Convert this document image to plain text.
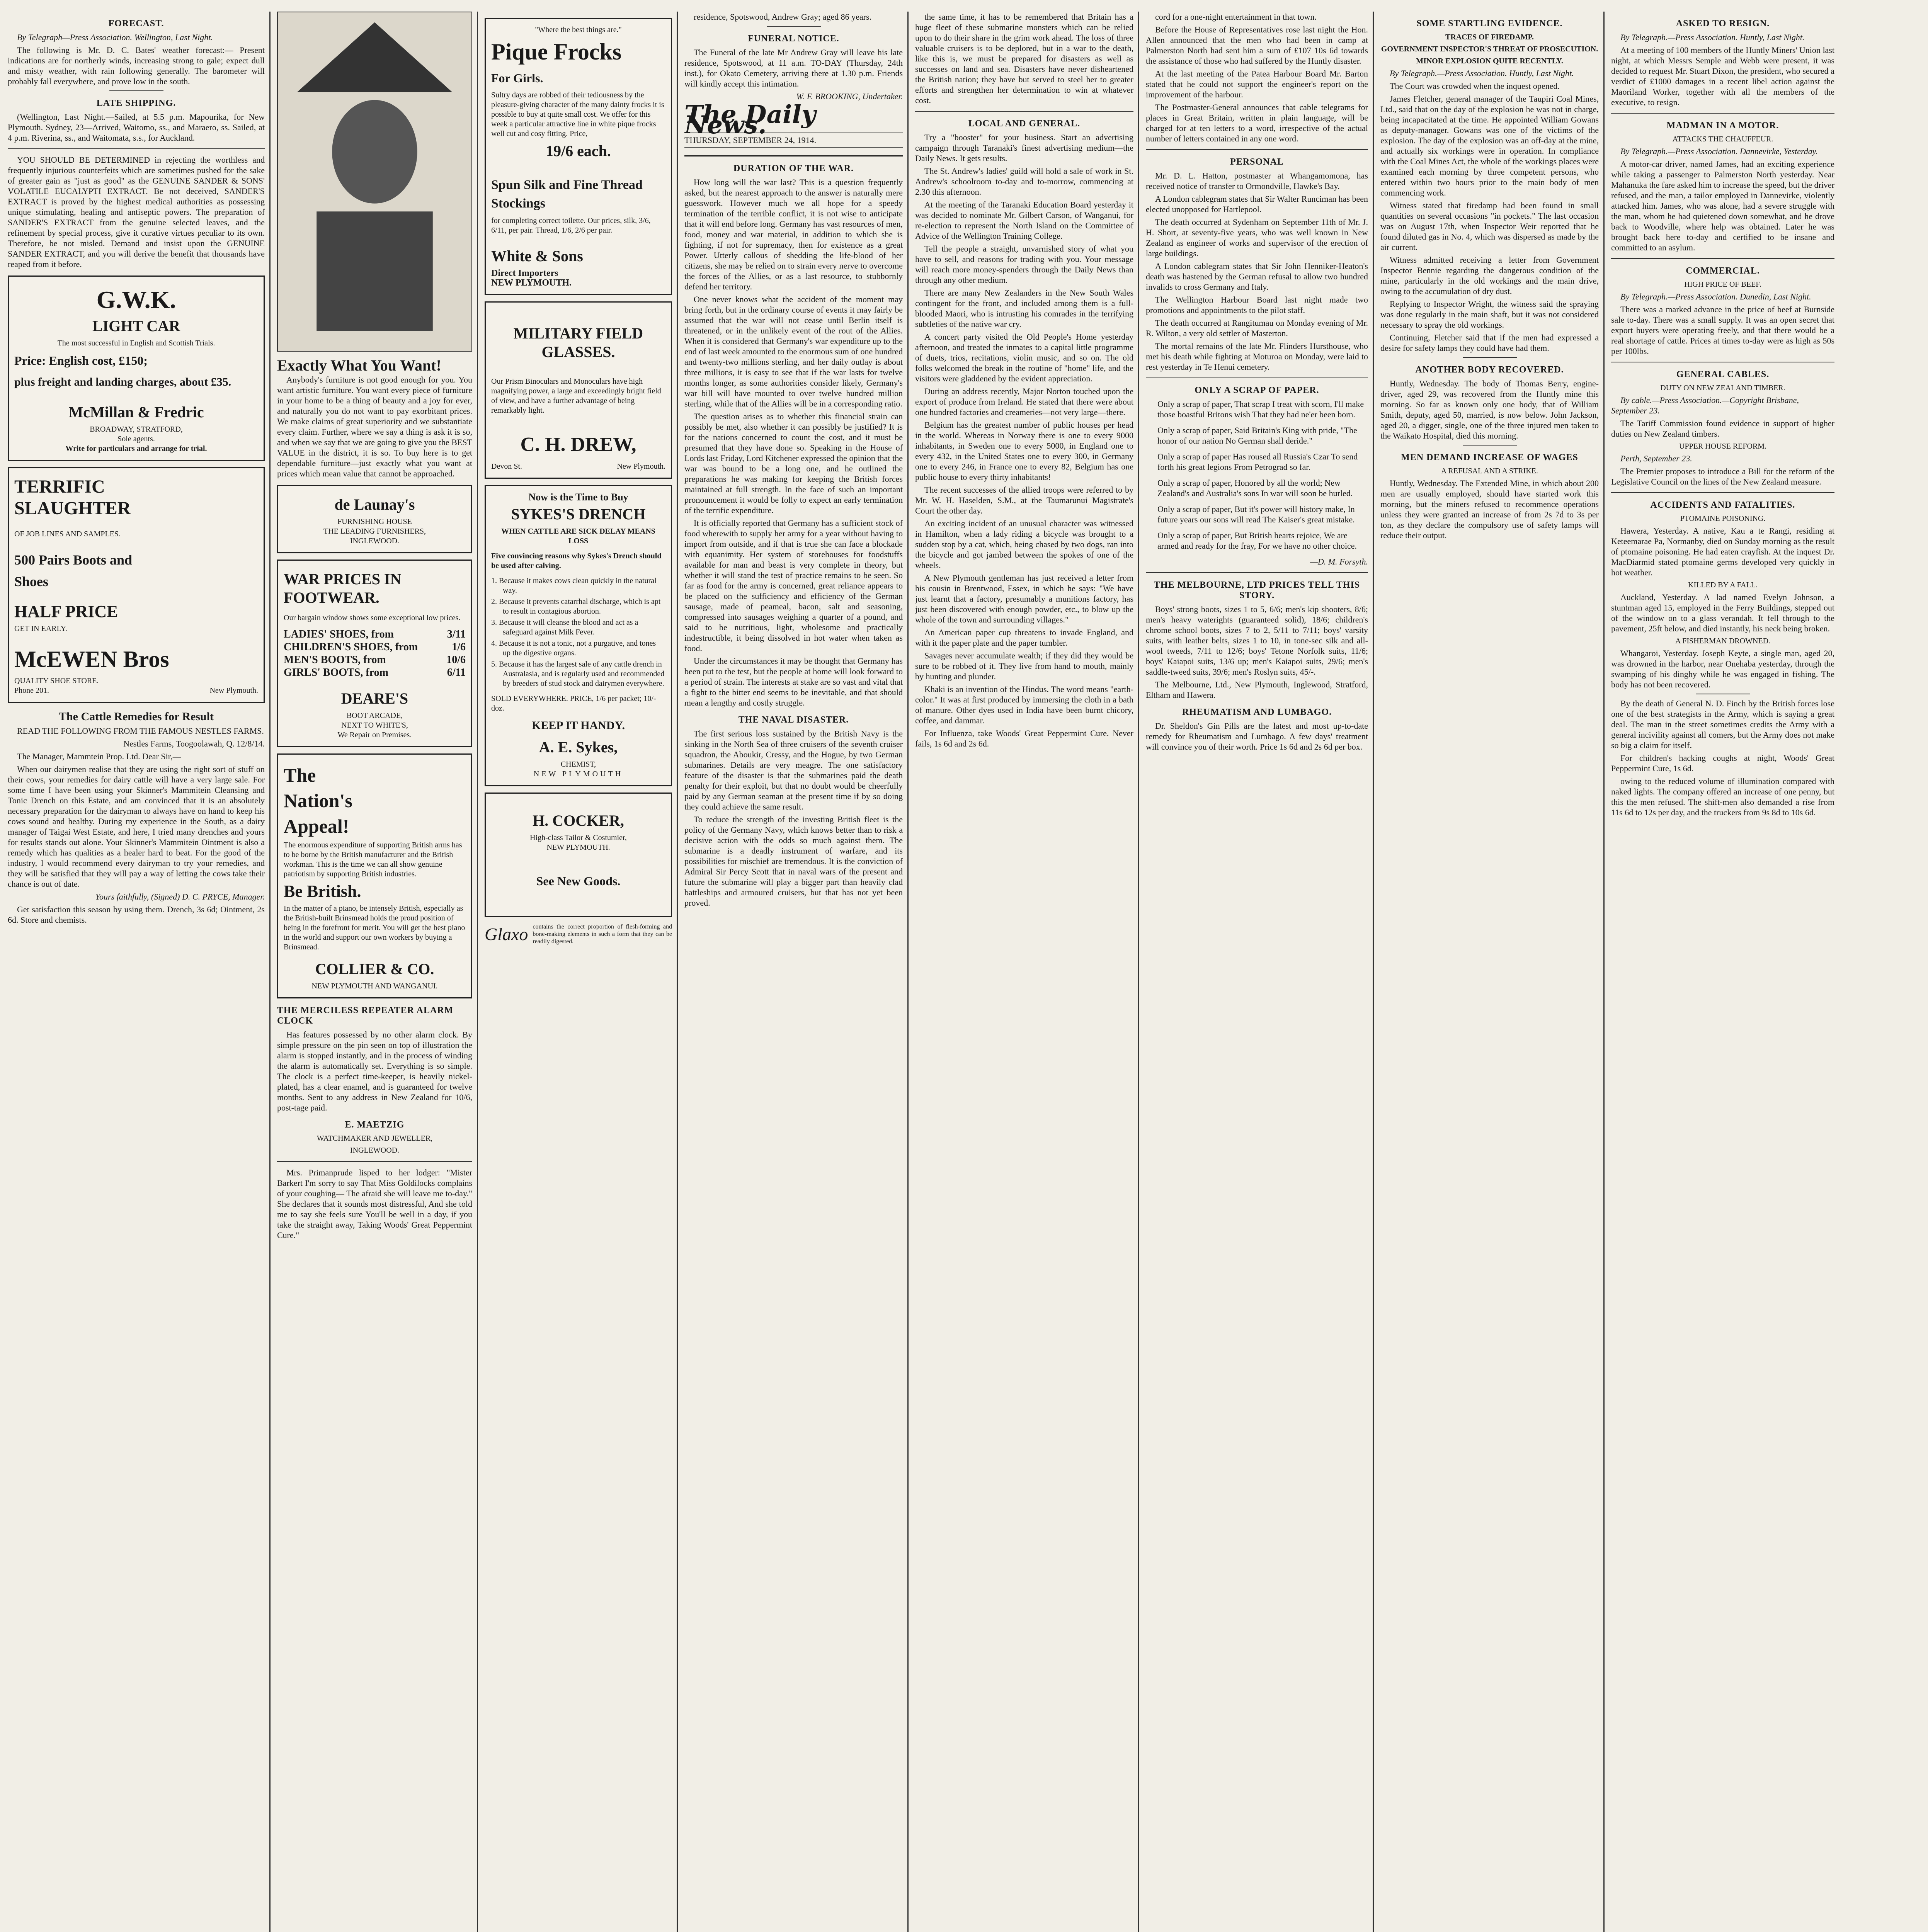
FORECAST.

By Telegraph—Press Association. Wellington, Last Night.

The following is Mr. D. C. Bates' weather forecast:— Present indications are for northerly winds, increasing strong to gale; expect dull and misty weather, with rain following generally. The barometer will probably fall everywhere, and prove low in the south.

LATE SHIPPING.

(Wellington, Last Night.—Sailed, at 5.5 p.m. Mapourika, for New Plymouth. Sydney, 23—Arrived, Waitomo, ss., and Maraero, ss. Sailed, at 4 p.m. Riverina, ss., and Waitomata, s.s., for Auckland.

YOU SHOULD BE DETERMINED in rejecting the worthless and frequently injurious counterfeits which are sometimes pushed for the sake of greater gain as "just as good" as the GENUINE SANDER & SONS' VOLATILE EUCALYPTI EXTRACT. Be not deceived, SANDER'S EXTRACT is proved by the highest medical authorities as possessing unique stimulating, healing and antiseptic powers. The preparation of SANDER'S EXTRACT from the genuine selected leaves, and the refinement by special process, give it curative virtues peculiar to its own. Therefore, be not misled. Demand and insist upon the GENUINE SANDER EXTRACT, and you will derive the benefit that thousands have reaped from it before.

G.W.K.
LIGHT CAR
The most successful in English and Scottish Trials.
Price: English cost, £150;
plus freight and landing charges, about £35.
McMillan & Fredric
BROADWAY, STRATFORD,
Sole agents.
Write for particulars and arrange for trial.
TERRIFIC
SLAUGHTER
OF JOB LINES AND SAMPLES.
500 Pairs Boots and
Shoes
HALF PRICE
GET IN EARLY.
McEWEN Bros
QUALITY SHOE STORE.
Phone 201.	New Plymouth.
The Cattle Remedies for Result

READ THE FOLLOWING FROM THE FAMOUS NESTLES FARMS.

Nestles Farms, Toogoolawah, Q. 12/8/14.

The Manager, Mammtein Prop. Ltd. Dear Sir,—

When our dairymen realise that they are using the right sort of stuff on their cows, your remedies for dairy cattle will have a very large sale. For some time I have been using your Skinner's Mammitein Cleansing and Tonic Drench on this Estate, and am convinced that it is an absolutely necessary preparation for the dairyman to always have on hand to keep his cows sound and healthy. During my experience in the South, as a dairy manager of Taigai West Estate, and here, I tried many drenches and yours for results stands out alone. Your Skinner's Mammitein Ointment is also a remedy which has qualities as a healer hard to beat. For the good of the industry, I would recommend every dairyman to try your remedies, and they will be satisfied that they will pay a way of letting the cows take their chance is out of date.

Yours faithfully, (Signed) D. C. PRYCE, Manager.

Get satisfaction this season by using them. Drench, 3s 6d; Ointment, 2s 6d. Store and chemists.

Exactly What You Want!

Anybody's furniture is not good enough for you. You want artistic furniture. You want every piece of furniture in your home to be a thing of beauty and a joy for ever, and naturally you do not want to pay exorbitant prices. We make claims of great superiority and we substantiate every claim. Further, where we say a thing is ask it is so, and when we say that we are going to give you the BEST VALUE in the district, it is so. To buy here is to get dependable furniture—just exactly what you want at prices which mean value that cannot be approached.

de Launay's
FURNISHING HOUSE
THE LEADING FURNISHERS,
INGLEWOOD.
WAR PRICES IN FOOTWEAR.
Our bargain window shows some exceptional low prices.
LADIES' SHOES, from	3/11
CHILDREN'S SHOES, from	1/6
MEN'S BOOTS, from	10/6
GIRLS' BOOTS, from	6/11
DEARE'S
BOOT ARCADE,
NEXT TO WHITE'S,
We Repair on Premises.
The
Nation's
Appeal!
The enormous expenditure of supporting British arms has to be borne by the British manufacturer and the British workman. This is the time we can all show genuine patriotism by supporting British industries.
Be British.
In the matter of a piano, be intensely British, especially as the British-built Brinsmead holds the proud position of being in the forefront for merit. You will get the best piano in the world and support our own workers by buying a Brinsmead.
COLLIER & CO.
NEW PLYMOUTH AND WANGANUI.
THE MERCILESS REPEATER ALARM CLOCK

Has features possessed by no other alarm clock. By simple pressure on the pin seen on top of illustration the alarm is stopped instantly, and in the process of winding the alarm is automatically set. Everything is so simple. The clock is a perfect time-keeper, is heavily nickel-plated, has a clear enamel, and is guaranteed for twelve months. Sent to any address in New Zealand for 10/6, post-tage paid.

E. MAETZIG
WATCHMAKER AND JEWELLER,
INGLEWOOD.

Mrs. Primanprude lisped to her lodger: "Mister Barkert I'm sorry to say That Miss Goldilocks complains of your coughing— The afraid she will leave me to-day." She declares that it sounds most distressful, And she told me to say she feels sure You'll be well in a day, if you take the straight away, Taking Woods' Great Peppermint Cure."

"Where the best things are."
Pique Frocks
For Girls.
Sultry days are robbed of their tediousness by the pleasure-giving character of the many dainty frocks it is possible to buy at quite small cost. We offer for this week a particular attractive line in white pique frocks well cut and cosy fitting. Price,
19/6 each.
Spun Silk and Fine Thread Stockings
for completing correct toilette. Our prices, silk, 3/6, 6/11, per pair. Thread, 1/6, 2/6 per pair.
White & Sons
Direct Importers
NEW PLYMOUTH.
MILITARY FIELD GLASSES.
Our Prism Binoculars and Monoculars have high magnifying power, a large and exceedingly bright field of view, and have a further advantage of being remarkably light.
C. H. DREW,
Devon St.	New Plymouth.
Now is the Time to Buy
SYKES'S DRENCH
WHEN CATTLE ARE SICK DELAY MEANS LOSS
Five convincing reasons why Sykes's Drench should be used after calving.
1. Because it makes cows clean quickly in the natural way.
2. Because it prevents catarrhal discharge, which is apt to result in contagious abortion.
3. Because it will cleanse the blood and act as a safeguard against Milk Fever.
4. Because it is not a tonic, not a purgative, and tones up the digestive organs.
5. Because it has the largest sale of any cattle drench in Australasia, and is regularly used and recommended by breeders of stud stock and dairymen everywhere.
SOLD EVERYWHERE. PRICE, 1/6 per packet; 10/- doz.
KEEP IT HANDY.
A. E. Sykes,
CHEMIST,
NEW PLYMOUTH
H. COCKER,
High-class Tailor & Costumier,
NEW PLYMOUTH.
See New Goods.
Glaxo contains the correct proportion of flesh-forming and bone-making elements in such a form that they can be readily digested.

residence, Spotswood, Andrew Gray; aged 86 years.

FUNERAL NOTICE.

The Funeral of the late Mr Andrew Gray will leave his late residence, Spotswood, at 11 a.m. TO-DAY (Thursday, 24th inst.), for Okato Cemetery, arriving there at 1.30 p.m. Friends will kindly accept this intimation.

W. F. BROOKING, Undertaker.

The Daily News.
THURSDAY, SEPTEMBER 24, 1914.
DURATION OF THE WAR.

How long will the war last? This is a question frequently asked, but the nearest approach to the answer is naturally mere guesswork. However much we all hope for a speedy termination of the terrible conflict, it is not wise to anticipate that it will end before long. Germany has vast resources of men, food, money and war material, in addition to which she is fighting, if not for supremacy, then for existence as a great Power. Utterly callous of shedding the life-blood of her citizens, she may be relied on to strain every nerve to overcome the forces of the Allies, or as a last resource, to stubbornly defend her territory.

One never knows what the accident of the moment may bring forth, but in the ordinary course of events it may fairly be assumed that the war will not cease until Berlin itself is threatened, or in the unlikely event of the rout of the Allies. When it is considered that Germany's war expenditure up to the end of last week amounted to the enormous sum of one hundred and twenty-two millions sterling, and her daily outlay is about three millions, it is easy to see that if the war lasts for twelve months longer, as some authorities consider likely, Germany's war bill will have mounted to over twelve hundred million sterling, while that of the Allies will be in a corresponding ratio.

The question arises as to whether this financial strain can possibly be met, also whether it can possibly be justified? It is for the nations concerned to count the cost, and it must be presumed that they have done so. Speaking in the House of Lords last Friday, Lord Kitchener expressed the opinion that the war was bound to be a long one, and he outlined the preparations he was making for keeping the British forces maintained at full strength. In the face of such an important pronouncement it would be folly to expect an early termination of the terrific expenditure.

It is officially reported that Germany has a sufficient stock of food wherewith to supply her army for a year without having to import from outside, and if that is true she can face a blockade with equanimity. Her system of storehouses for foodstuffs available for man and beast is very complete in theory, but whether it will stand the test of practice remains to be seen. So far as food for the army is concerned, great reliance appears to be placed on the sufficiency and efficiency of the German sausage, made of peameal, bacon, salt and seasoning, compressed into sausages weighing a quarter of a pound, and said to be nutritious, light, wholesome and practically indestructible, it being dissolved in hot water when taken as food.

Under the circumstances it may be thought that Germany has been put to the test, but the people at home will look forward to a period of strain. The interests at stake are so vast and vital that a fight to the bitter end seems to be inevitable, and that should mean a lengthy and costly struggle.

THE NAVAL DISASTER.

The first serious loss sustained by the British Navy is the sinking in the North Sea of three cruisers of the seventh cruiser squadron, the Aboukir, Cressy, and the Hogue, by two German submarines. Details are very meagre. The one satisfactory feature of the disaster is that the submarines paid the death penalty for their exploit, but that no doubt would be cheerfully paid by any German seaman at the present time if by so doing they could achieve the same result.

To reduce the strength of the investing British fleet is the policy of the Germany Navy, which knows better than to risk a decisive action with the odds so much against them. The submarine is a deadly instrument of warfare, and its possibilities for mischief are tremendous. It is the conviction of Admiral Sir Percy Scott that in naval wars of the present and future the submarine will play a bigger part than heavily clad battleships and armoured cruisers, but that has not yet been proved.

the same time, it has to be remembered that Britain has a huge fleet of these submarine monsters which can be relied upon to do their share in the grim work ahead. The loss of three valuable cruisers is to be deplored, but in a war to the death, like this is, we must be prepared for disasters as well as successes on land and sea. Disasters have never disheartened the British nation; they have but served to steel her to greater efforts and strengthen her determination to win at whatever cost.

LOCAL AND GENERAL.

Try a "booster" for your business. Start an advertising campaign through Taranaki's finest advertising medium—the Daily News. It gets results.

The St. Andrew's ladies' guild will hold a sale of work in St. Andrew's schoolroom to-day and to-morrow, commencing at 2.30 this afternoon.

At the meeting of the Taranaki Education Board yesterday it was decided to nominate Mr. Gilbert Carson, of Wanganui, for re-election to represent the North Island on the Committee of Advice of the Wellington Training College.

Tell the people a straight, unvarnished story of what you have to sell, and reasons for trading with you. Your message will reach more money-spenders through the Daily News than through any other medium.

There are many New Zealanders in the New South Wales contingent for the front, and included among them is a full-blooded Maori, who is intrusting his comrades in the terrifying subtleties of the native war cry.

A concert party visited the Old People's Home yesterday afternoon, and treated the inmates to a capital little programme of duets, trios, recitations, violin music, and so on. The old folks welcomed the break in the routine of "home" life, and the visitors were gladdened by the evident appreciation.

During an address recently, Major Norton touched upon the export of produce from Ireland. He stated that there were about one hundred factories and creameries—not very large—there.

Belgium has the greatest number of public houses per head in the world. Whereas in Norway there is one to every 9000 inhabitants, in Sweden one to every 5000, in England one to every 432, in the United States one to every 300, in Germany one to every 246, in France one to every 82, Belgium has one public house to every thirty inhabitants!

The recent successes of the allied troops were referred to by Mr. W. H. Haselden, S.M., at the Taumarunui Magistrate's Court the other day.

An exciting incident of an unusual character was witnessed in Hamilton, when a lady riding a bicycle was brought to a sudden stop by a cat, which, being chased by two dogs, ran into the bicycle and got jambed between the spokes of one of the wheels.

A New Plymouth gentleman has just received a letter from his cousin in Brentwood, Essex, in which he says: "We have just learnt that a factory, presumably a munitions factory, has just been discovered with enough powder, etc., to blow up the whole of the town and surrounding villages."

An American paper cup threatens to invade England, and with it the paper plate and the paper tumbler.

Savages never accumulate wealth; if they did they would be sure to be robbed of it. They live from hand to mouth, mainly by hunting and plunder.

Khaki is an invention of the Hindus. The word means "earth-color." It was at first produced by immersing the cloth in a bath of manure. Other dyes used in India have been burnt chicory, coffee, and dammar.

For Influenza, take Woods' Great Peppermint Cure. Never fails, 1s 6d and 2s 6d.

cord for a one-night entertainment in that town.

Before the House of Representatives rose last night the Hon. Allen announced that the men who had been in camp at Palmerston North had sent him a sum of £107 10s 6d towards the assistance of those who had suffered by the Huntly disaster.

At the last meeting of the Patea Harbour Board Mr. Barton stated that he could not support the engineer's report on the improvement of the harbour.

The Postmaster-General announces that cable telegrams for places in Great Britain, written in plain language, will be charged for at ten letters to a word, irrespective of the actual number of letters contained in any one word.

PERSONAL

Mr. D. L. Hatton, postmaster at Whangamomona, has received notice of transfer to Ormondville, Hawke's Bay.

A London cablegram states that Sir Walter Runciman has been elected unopposed for Hartlepool.

The death occurred at Sydenham on September 11th of Mr. J. H. Short, at seventy-five years, who was well known in New Zealand as engineer of works and supervisor of the erection of large buildings.

A London cablegram states that Sir John Henniker-Heaton's death was hastened by the German refusal to allow two hundred invalids to cross Germany and Italy.

The Wellington Harbour Board last night made two promotions and appointments to the pilot staff.

The death occurred at Rangitumau on Monday evening of Mr. R. Wilton, a very old settler of Masterton.

The mortal remains of the late Mr. Flinders Hursthouse, who met his death while fighting at Moturoa on Monday, were laid to rest yesterday in Te Henui cemetery.

ONLY A SCRAP OF PAPER.

Only a scrap of paper, That scrap I treat with scorn, I'll make those boastful Britons wish That they had ne'er been born.

Only a scrap of paper, Said Britain's King with pride, "The honor of our nation No German shall deride."

Only a scrap of paper Has roused all Russia's Czar To send forth his great legions From Petrograd so far.

Only a scrap of paper, Honored by all the world; New Zealand's and Australia's sons In war will soon be hurled.

Only a scrap of paper, But it's power will history make, In future years our sons will read The Kaiser's great mistake.

Only a scrap of paper, But British hearts rejoice, We are armed and ready for the fray, For we have no other choice.

—D. M. Forsyth.

THE MELBOURNE, LTD PRICES TELL THIS STORY.

Boys' strong boots, sizes 1 to 5, 6/6; men's kip shooters, 8/6; men's heavy waterights (guaranteed solid), 18/6; children's chrome school boots, sizes 7 to 2, 5/11 to 7/11; boys' varsity suits, with leather belts, sizes 1 to 10, in tone-sec silk and all-wool tweeds, 7/11 to 12/6; boys' Tetone Norfolk suits, 11/6; boys' Kaiapoi suits, 13/6 up; men's Kaiapoi suits, 29/6; men's saddle-tweed suits, 39/6; men's Roslyn suits, 45/-.

The Melbourne, Ltd., New Plymouth, Inglewood, Stratford, Eltham and Hawera.

RHEUMATISM AND LUMBAGO.

Dr. Sheldon's Gin Pills are the latest and most up-to-date remedy for Rheumatism and Lumbago. A few days' treatment will convince you of their worth. Price 1s 6d and 2s 6d per box.

SOME STARTLING EVIDENCE.
TRACES OF FIREDAMP.
GOVERNMENT INSPECTOR'S THREAT OF PROSECUTION.
MINOR EXPLOSION QUITE RECENTLY.

By Telegraph.—Press Association. Huntly, Last Night.

The Court was crowded when the inquest opened.

James Fletcher, general manager of the Taupiri Coal Mines, Ltd., said that on the day of the explosion he was not in charge, being incapacitated at the time. He appointed William Gowans as deputy-manager. Gowans was one of the victims of the explosion. The day of the explosion was an off-day at the mine, and actually six workings were in operation. In compliance with the Coal Mines Act, the whole of the workings places were examined each morning by three competent persons, who entered within two hours prior to the main body of men commencing work.

Witness stated that firedamp had been found in small quantities on several occasions "in pockets." The last occasion was on August 17th, when Inspector Weir reported that he found diluted gas in No. 4, which was dispersed as made by the air current.

Witness admitted receiving a letter from Government Inspector Bennie regarding the dangerous condition of the mine, particularly in the old workings and the main drive, owing to the accumulation of dry dust.

Replying to Inspector Wright, the witness said the spraying was done regularly in the main shaft, but it was not considered necessary to spray the old workings.

Continuing, Fletcher said that if the men had expressed a desire for safety lamps they could have had them.

ANOTHER BODY RECOVERED.

Huntly, Wednesday. The body of Thomas Berry, engine-driver, aged 29, was recovered from the Huntly mine this morning. So far as known only one body, that of William Smith, deputy, aged 50, married, is now below. John Jackson, aged 20, a digger, single, one of the three injured men taken to the Waikato Hospital, died this morning.

MEN DEMAND INCREASE OF WAGES
A REFUSAL AND A STRIKE.

Huntly, Wednesday. The Extended Mine, in which about 200 men are usually employed, should have started work this morning, but the miners refused to recommence operations unless they were granted an increase of from 2s 7d to 3s per ton, as they declare the compulsory use of safety lamps will reduce their output.

ASKED TO RESIGN.

By Telegraph.—Press Association. Huntly, Last Night.

At a meeting of 100 members of the Huntly Miners' Union last night, at which Messrs Semple and Webb were present, it was decided to request Mr. Stuart Dixon, the president, who secured a verdict of £1000 damages in a recent libel action against the Maoriland Worker, together with all the members of the executive, to resign.

MADMAN IN A MOTOR.
ATTACKS THE CHAUFFEUR.

By Telegraph.—Press Association. Dannevirke, Yesterday.

A motor-car driver, named James, had an exciting experience while taking a passenger to Palmerston North yesterday. Near Mahanuka the fare asked him to increase the speed, but the driver refused, and the man, a tailor employed in Dannevirke, violently attacked him. James, who was alone, had a severe struggle with the man, whom he had quietened down somewhat, and he drove back to Woodville, where help was obtained. Later he was brought back here to-day and certified to be insane and committed to an asylum.

COMMERCIAL.
HIGH PRICE OF BEEF.

By Telegraph.—Press Association. Dunedin, Last Night.

There was a marked advance in the price of beef at Burnside sale to-day. There was a small supply. It was an open secret that export buyers were operating freely, and that there would be a real shortage of cattle. Prices at times to-day were as high as 50s per 100lbs.

GENERAL CABLES.
DUTY ON NEW ZEALAND TIMBER.

By cable.—Press Association.—Copyright Brisbane, September 23.

The Tariff Commission found evidence in support of higher duties on New Zealand timbers.

UPPER HOUSE REFORM.

Perth, September 23.

The Premier proposes to introduce a Bill for the reform of the Legislative Council on the lines of the New Zealand measure.

ACCIDENTS AND FATALITIES.
PTOMAINE POISONING.

Hawera, Yesterday. A native, Kau a te Rangi, residing at Keteemarae Pa, Normanby, died on Sunday morning as the result of ptomaine poisoning. He had eaten crayfish. At the inquest Dr. MacDiarmid stated ptomaine germs developed very quickly in hot weather.

KILLED BY A FALL.

Auckland, Yesterday. A lad named Evelyn Johnson, a stuntman aged 15, employed in the Ferry Buildings, stepped out of the window on to a glass verandah. It fell through to the pavement, 25ft below, and died instantly, his neck being broken.

A FISHERMAN DROWNED.

Whangaroi, Yesterday. Joseph Keyte, a single man, aged 20, was drowned in the harbor, near Onehaba yesterday, through the swamping of his dinghy while he was engaged in fishing. The body has not been recovered.

By the death of General N. D. Finch by the British forces lose one of the best strategists in the Army, which is saying a great deal. The man in the street sometimes credits the Army with a general incivility against all comers, but the Army does not make so big a claim for itself.

For children's hacking coughs at night, Woods' Great Peppermint Cure, 1s 6d.

owing to the reduced volume of illumination compared with naked lights. The company offered an increase of one penny, but this the men refused. The shift-men also demanded a rise from 11s 6d to 12s per day, and the truckers from 9s 8d to 10s 6d.
